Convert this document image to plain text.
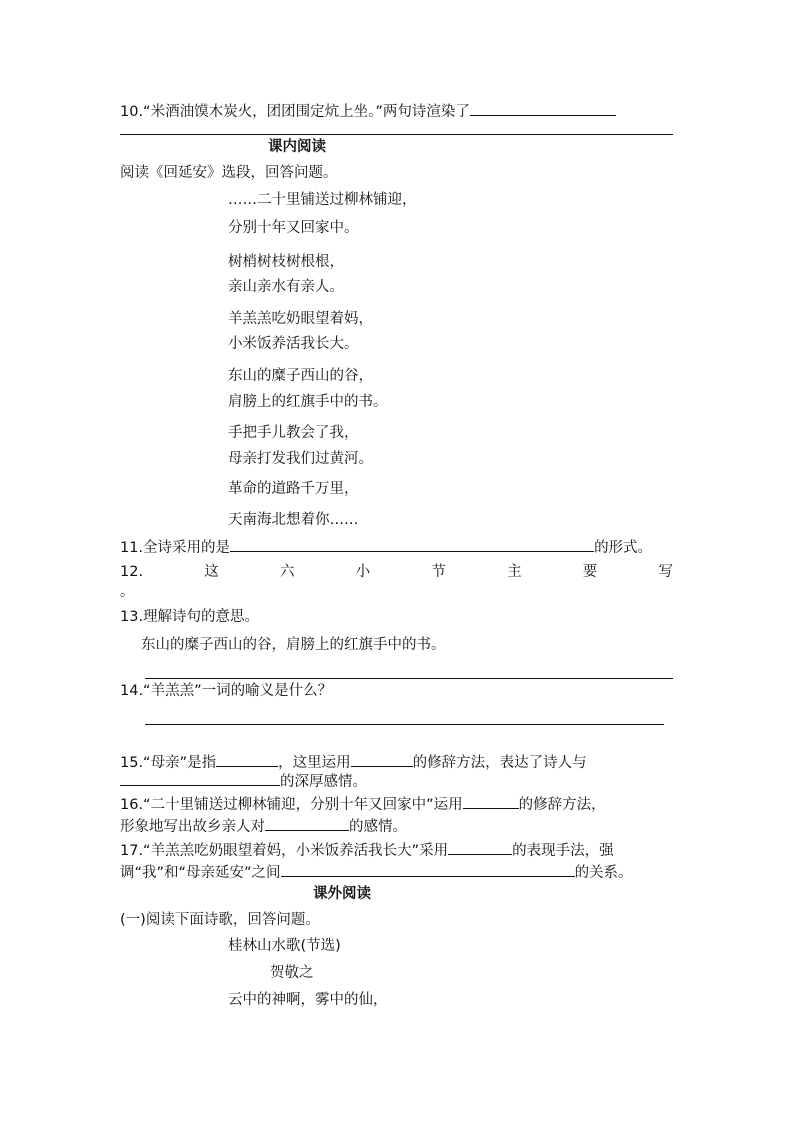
10.“米酒油馍木炭火，团团围定炕上坐。”两句诗渲染了
课内阅读
阅读《回延安》选段，回答问题。
……二十里铺送过柳林铺迎，
分别十年又回家中。
树梢树枝树根根，
亲山亲水有亲人。
羊羔羔吃奶眼望着妈，
小米饭养活我长大。
东山的糜子西山的谷，
肩膀上的红旗手中的书。
手把手儿教会了我，
母亲打发我们过黄河。
革命的道路千万里，
天南海北想着你……
11.全诗采用的是	的形式。
12.	这	六	小	节	主	要	写
。
13.理解诗句的意思。
东山的糜子西山的谷，肩膀上的红旗手中的书。
14.“羊羔羔”一词的喻义是什么？
15.“母亲”是指	，这里运用	的修辞方法，表达了诗人与
的深厚感情。
16.“二十里铺送过柳林铺迎，分别十年又回家中”运用	的修辞方法，
形象地写出故乡亲人对	的感情。
17.“羊羔羔吃奶眼望着妈，小米饭养活我长大”采用	的表现手法，强
调“我”和“母亲延安”之间	的关系。
课外阅读
(一)阅读下面诗歌，回答问题。
桂林山水歌(节选)
贺敬之
云中的神啊，雾中的仙，
